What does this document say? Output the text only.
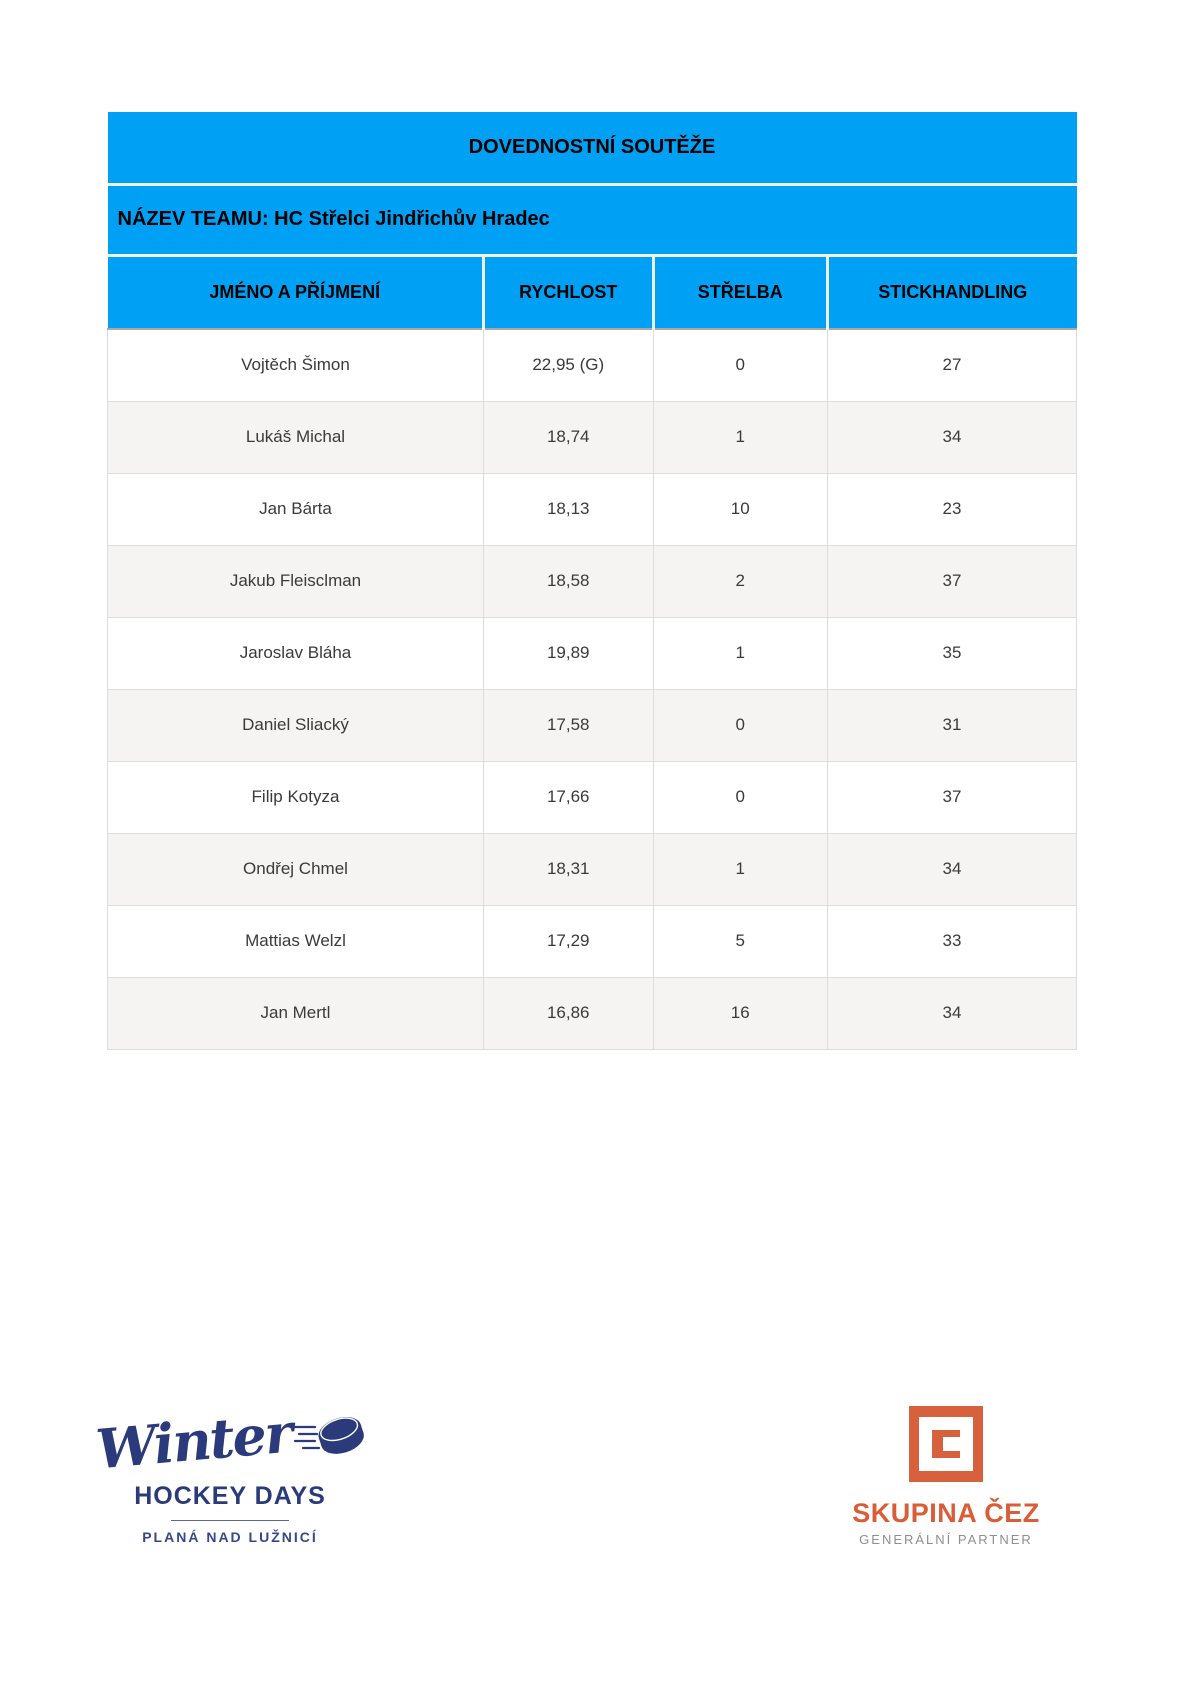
DOVEDNOSTNÍ SOUTĚŽE			
NÁZEV TEAMU: HC Střelci Jindřichův Hradec			
JMÉNO A PŘÍJMENÍ	RYCHLOST	STŘELBA	STICKHANDLING
Vojtěch Šimon	22,95 (G)	0	27
Lukáš Michal	18,74	1	34
Jan Bárta	18,13	10	23
Jakub Fleisclman	18,58	2	37
Jaroslav Bláha	19,89	1	35
Daniel Sliacký	17,58	0	31
Filip Kotyza	17,66	0	37
Ondřej Chmel	18,31	1	34
Mattias Welzl	17,29	5	33
Jan Mertl	16,86	16	34
Winter
HOCKEY DAYS
PLANÁ NAD LUŽNICÍ
SKUPINA ČEZ
GENERÁLNÍ PARTNER
